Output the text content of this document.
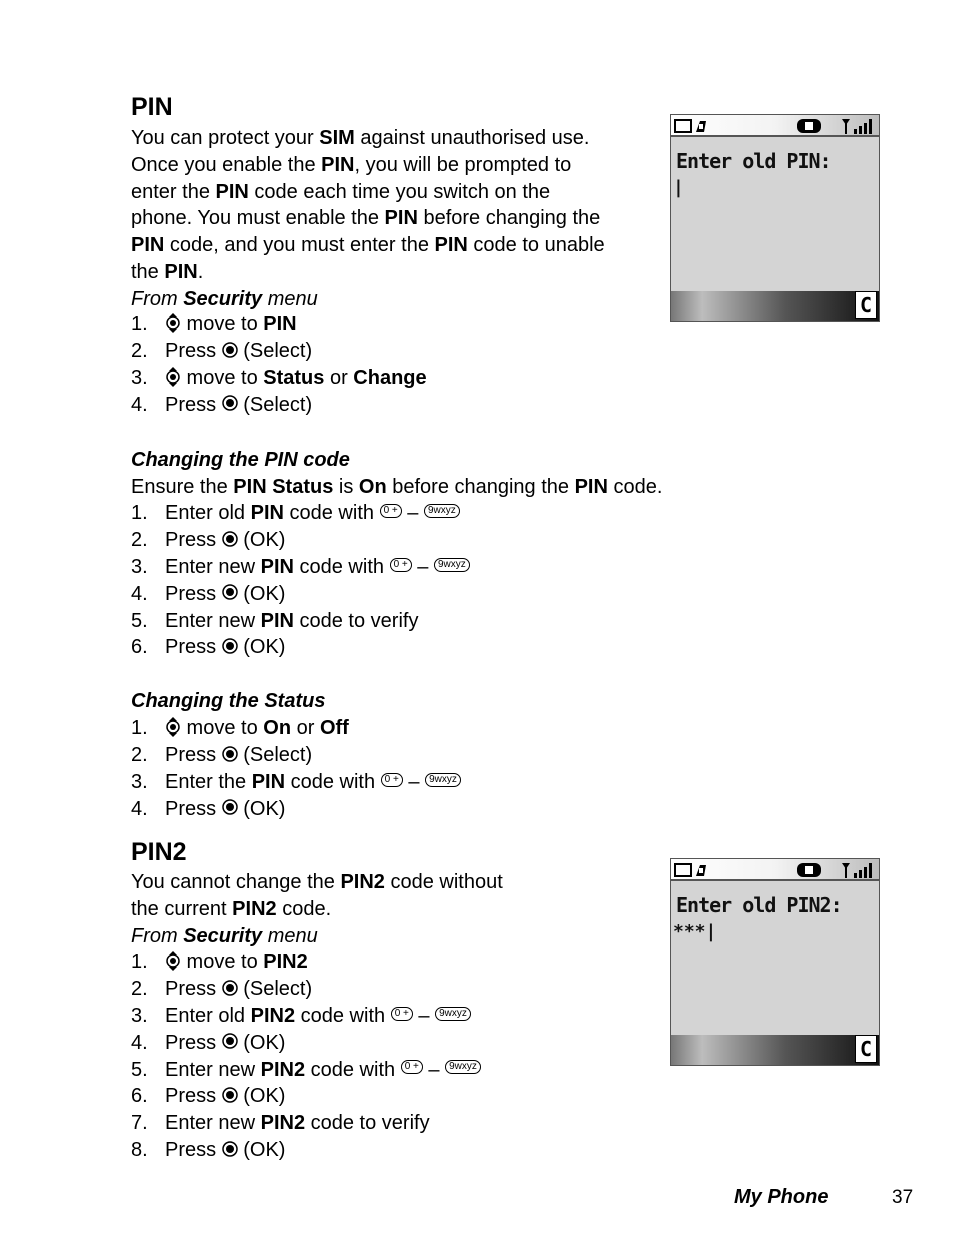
PIN
You can protect your SIM against unauthorised use.
Once you enable the PIN, you will be prompted to
enter the PIN code each time you switch on the
phone. You must enable the PIN before changing the
PIN code, and you must enter the PIN code to unable
the PIN.
From Security menu
1. move to PIN
2. Press  (Select)
3. move to Status or Change
4. Press  (Select)
Enter old PIN:
|
C
Changing the PIN code
Ensure the PIN Status is On before changing the PIN code.
1. Enter old PIN code with 0 + – 9wxyz
2. Press  (OK)
3. Enter new PIN code with 0 + – 9wxyz
4. Press  (OK)
5. Enter new PIN code to verify
6. Press  (OK)
Changing the Status
1. move to On or Off
2. Press  (Select)
3. Enter the PIN code with 0 + – 9wxyz
4. Press  (OK)
PIN2
You cannot change the PIN2 code without
the current PIN2 code.
From Security menu
1. move to PIN2
2. Press  (Select)
3. Enter old PIN2 code with 0 + – 9wxyz
4. Press  (OK)
5. Enter new PIN2 code with 0 + – 9wxyz
6. Press  (OK)
7. Enter new PIN2 code to verify
8. Press  (OK)
Enter old PIN2:
***|
C
My Phone	37
